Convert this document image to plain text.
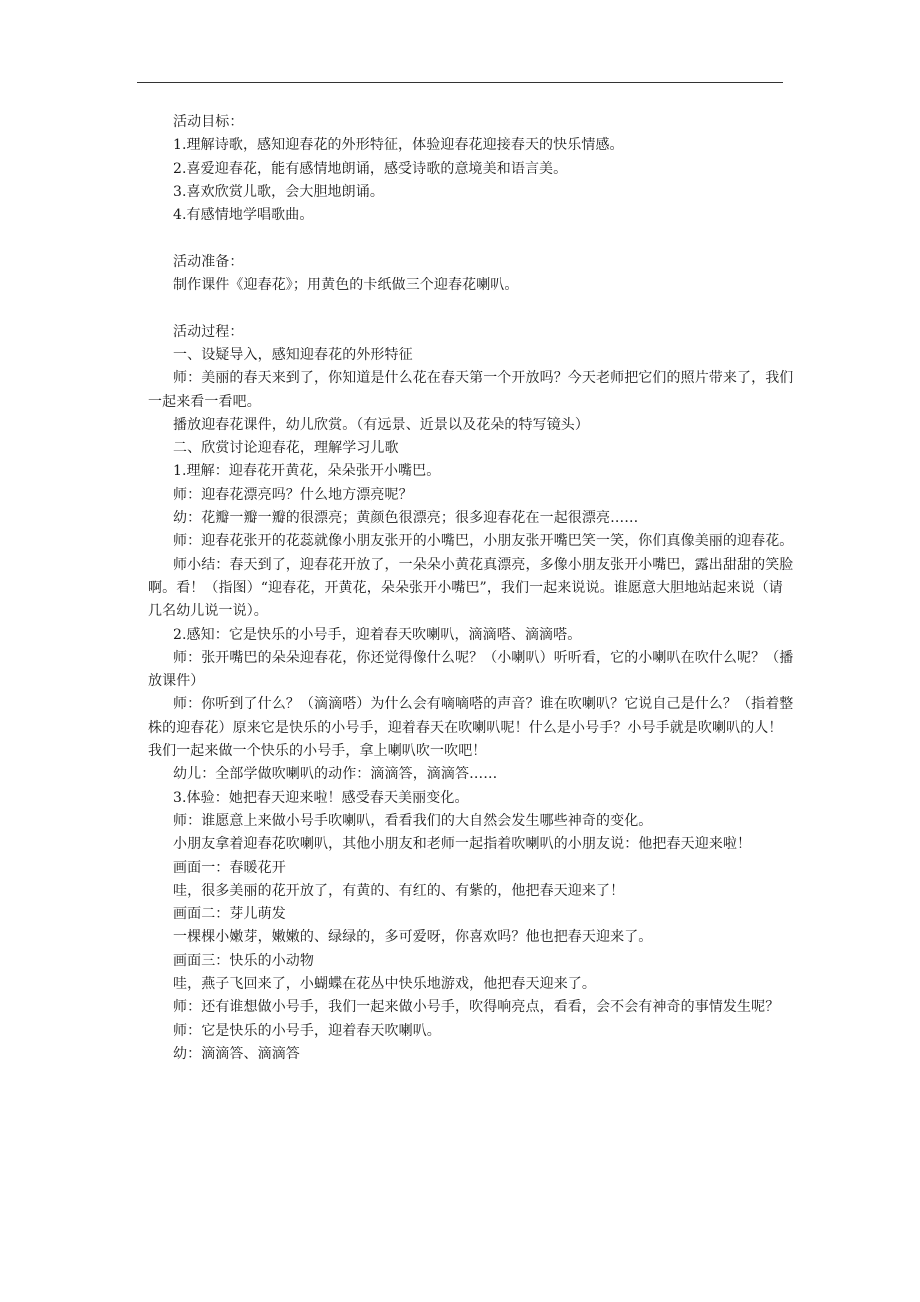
活动目标：

1.理解诗歌，感知迎春花的外形特征，体验迎春花迎接春天的快乐情感。

2.喜爱迎春花，能有感情地朗诵，感受诗歌的意境美和语言美。

3.喜欢欣赏儿歌，会大胆地朗诵。

4.有感情地学唱歌曲。

活动准备：

制作课件《迎春花》；用黄色的卡纸做三个迎春花喇叭。

活动过程：

一、设疑导入，感知迎春花的外形特征

师：美丽的春天来到了，你知道是什么花在春天第一个开放吗？今天老师把它们的照片带来了，我们一起来看一看吧。

播放迎春花课件，幼儿欣赏。（有远景、近景以及花朵的特写镜头）

二、欣赏讨论迎春花，理解学习儿歌

1.理解：迎春花开黄花，朵朵张开小嘴巴。

师：迎春花漂亮吗？什么地方漂亮呢？

幼：花瓣一瓣一瓣的很漂亮；黄颜色很漂亮；很多迎春花在一起很漂亮……

师：迎春花张开的花蕊就像小朋友张开的小嘴巴，小朋友张开嘴巴笑一笑，你们真像美丽的迎春花。

师小结：春天到了，迎春花开放了，一朵朵小黄花真漂亮，多像小朋友张开小嘴巴，露出甜甜的笑脸啊。看！（指图）“迎春花，开黄花，朵朵张开小嘴巴”，我们一起来说说。谁愿意大胆地站起来说（请几名幼儿说一说）。

2.感知：它是快乐的小号手，迎着春天吹喇叭，滴滴嗒、滴滴嗒。

师：张开嘴巴的朵朵迎春花，你还觉得像什么呢？（小喇叭）听听看，它的小喇叭在吹什么呢？（播放课件）

师：你听到了什么？（滴滴嗒）为什么会有嘀嘀嗒的声音？谁在吹喇叭？它说自己是什么？（指着整株的迎春花）原来它是快乐的小号手，迎着春天在吹喇叭呢！什么是小号手？小号手就是吹喇叭的人！我们一起来做一个快乐的小号手，拿上喇叭吹一吹吧！

幼儿：全部学做吹喇叭的动作：滴滴答，滴滴答……

3.体验：她把春天迎来啦！感受春天美丽变化。

师：谁愿意上来做小号手吹喇叭，看看我们的大自然会发生哪些神奇的变化。

小朋友拿着迎春花吹喇叭，其他小朋友和老师一起指着吹喇叭的小朋友说：他把春天迎来啦！

画面一：春暖花开

哇，很多美丽的花开放了，有黄的、有红的、有紫的，他把春天迎来了！

画面二：芽儿萌发

一棵棵小嫩芽，嫩嫩的、绿绿的，多可爱呀，你喜欢吗？他也把春天迎来了。

画面三：快乐的小动物

哇，燕子飞回来了，小蝴蝶在花丛中快乐地游戏，他把春天迎来了。

师：还有谁想做小号手，我们一起来做小号手，吹得响亮点，看看，会不会有神奇的事情发生呢？

师：它是快乐的小号手，迎着春天吹喇叭。

幼：滴滴答、滴滴答
